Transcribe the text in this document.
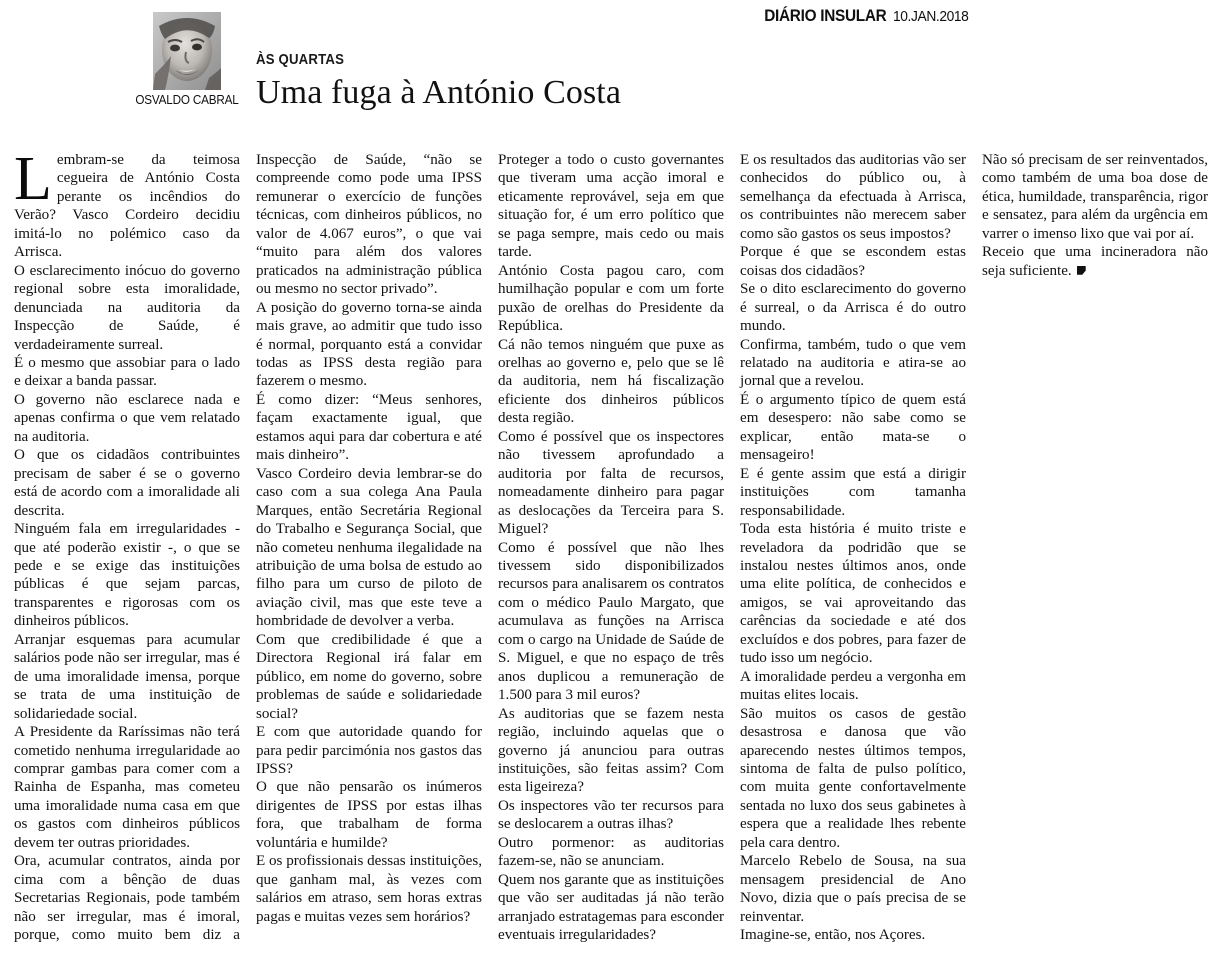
DIÁRIO INSULAR 10.JAN.2018
OSVALDO CABRAL
ÀS QUARTAS
Uma fuga à António Costa

Lembram-se da teimosa cegueira de António Costa perante os incêndios do Verão? Vasco Cordeiro decidiu imitá-lo no polémico caso da Arrisca.

O esclarecimento inócuo do governo regional sobre esta imoralidade, denunciada na auditoria da Inspecção de Saúde, é verdadeiramente surreal.

É o mesmo que assobiar para o lado e deixar a banda passar.

O governo não esclarece nada e apenas confirma o que vem relatado na auditoria.

O que os cidadãos contribuintes precisam de saber é se o governo está de acordo com a imoralidade ali descrita.

Ninguém fala em irregularidades - que até poderão existir -, o que se pede e se exige das instituições públicas é que sejam parcas, transparentes e rigorosas com os dinheiros públicos.

Arranjar esquemas para acumular salários pode não ser irregular, mas é de uma imoralidade imensa, porque se trata de uma instituição de solidariedade social.

A Presidente da Raríssimas não terá cometido nenhuma irregularidade ao comprar gambas para comer com a Rainha de Espanha, mas cometeu uma imoralidade numa casa em que os gastos com dinheiros públicos devem ter outras prioridades.

Ora, acumular contratos, ainda por cima com a bênção de duas Secretarias Regionais, pode também não ser irregular, mas é imoral, porque, como muito bem diz a Inspecção de Saúde, “não se compreende como pode uma IPSS remunerar o exercício de funções técnicas, com dinheiros públicos, no valor de 4.067 euros”, o que vai “muito para além dos valores praticados na administração pública ou mesmo no sector privado”.

A posição do governo torna-se ainda mais grave, ao admitir que tudo isso é normal, porquanto está a convidar todas as IPSS desta região para fazerem o mesmo.

É como dizer: “Meus senhores, façam exactamente igual, que estamos aqui para dar cobertura e até mais dinheiro”.

Vasco Cordeiro devia lembrar-se do caso com a sua colega Ana Paula Marques, então Secretária Regional do Trabalho e Segurança Social, que não cometeu nenhuma ilegalidade na atribuição de uma bolsa de estudo ao filho para um curso de piloto de aviação civil, mas que este teve a hombridade de devolver a verba.

Com que credibilidade é que a Directora Regional irá falar em público, em nome do governo, sobre problemas de saúde e solidariedade social?

E com que autoridade quando for para pedir parcimónia nos gastos das IPSS?

O que não pensarão os inúmeros dirigentes de IPSS por estas ilhas fora, que trabalham de forma voluntária e humilde?

E os profissionais dessas instituições, que ganham mal, às vezes com salários em atraso, sem horas extras pagas e muitas vezes sem horários?

Proteger a todo o custo governantes que tiveram uma acção imoral e eticamente reprovável, seja em que situação for, é um erro político que se paga sempre, mais cedo ou mais tarde.

António Costa pagou caro, com humilhação popular e com um forte puxão de orelhas do Presidente da República.

Cá não temos ninguém que puxe as orelhas ao governo e, pelo que se lê da auditoria, nem há fiscalização eficiente dos dinheiros públicos desta região.

Como é possível que os inspectores não tivessem aprofundado a auditoria por falta de recursos, nomeadamente dinheiro para pagar as deslocações da Terceira para S. Miguel?

Como é possível que não lhes tivessem sido disponibilizados recursos para analisarem os contratos com o médico Paulo Margato, que acumulava as funções na Arrisca com o cargo na Unidade de Saúde de S. Miguel, e que no espaço de três anos duplicou a remuneração de 1.500 para 3 mil euros?

As auditorias que se fazem nesta região, incluindo aquelas que o governo já anunciou para outras instituições, são feitas assim? Com esta ligeireza?

Os inspectores vão ter recursos para se deslocarem a outras ilhas?

Outro pormenor: as auditorias fazem-se, não se anunciam.

Quem nos garante que as instituições que vão ser auditadas já não terão arranjado estratagemas para esconder eventuais irregularidades?

E os resultados das auditorias vão ser conhecidos do público ou, à semelhança da efectuada à Arrisca, os contribuintes não merecem saber como são gastos os seus impostos?

Porque é que se escondem estas coisas dos cidadãos?

Se o dito esclarecimento do governo é surreal, o da Arrisca é do outro mundo.

Confirma, também, tudo o que vem relatado na auditoria e atira-se ao jornal que a revelou.

É o argumento típico de quem está em desespero: não sabe como se explicar, então mata-se o mensageiro!

E é gente assim que está a dirigir instituições com tamanha responsabilidade.

Toda esta história é muito triste e reveladora da podridão que se instalou nestes últimos anos, onde uma elite política, de conhecidos e amigos, se vai aproveitando das carências da sociedade e até dos excluídos e dos pobres, para fazer de tudo isso um negócio.

A imoralidade perdeu a vergonha em muitas elites locais.

São muitos os casos de gestão desastrosa e danosa que vão aparecendo nestes últimos tempos, sintoma de falta de pulso político, com muita gente confortavelmente sentada no luxo dos seus gabinetes à espera que a realidade lhes rebente pela cara dentro.

Marcelo Rebelo de Sousa, na sua mensagem presidencial de Ano Novo, dizia que o país precisa de se reinventar.

Imagine-se, então, nos Açores.

Não só precisam de ser reinventados, como também de uma boa dose de ética, humildade, transparência, rigor e sensatez, para além da urgência em varrer o imenso lixo que vai por aí.

Receio que uma incineradora não seja suficiente.
